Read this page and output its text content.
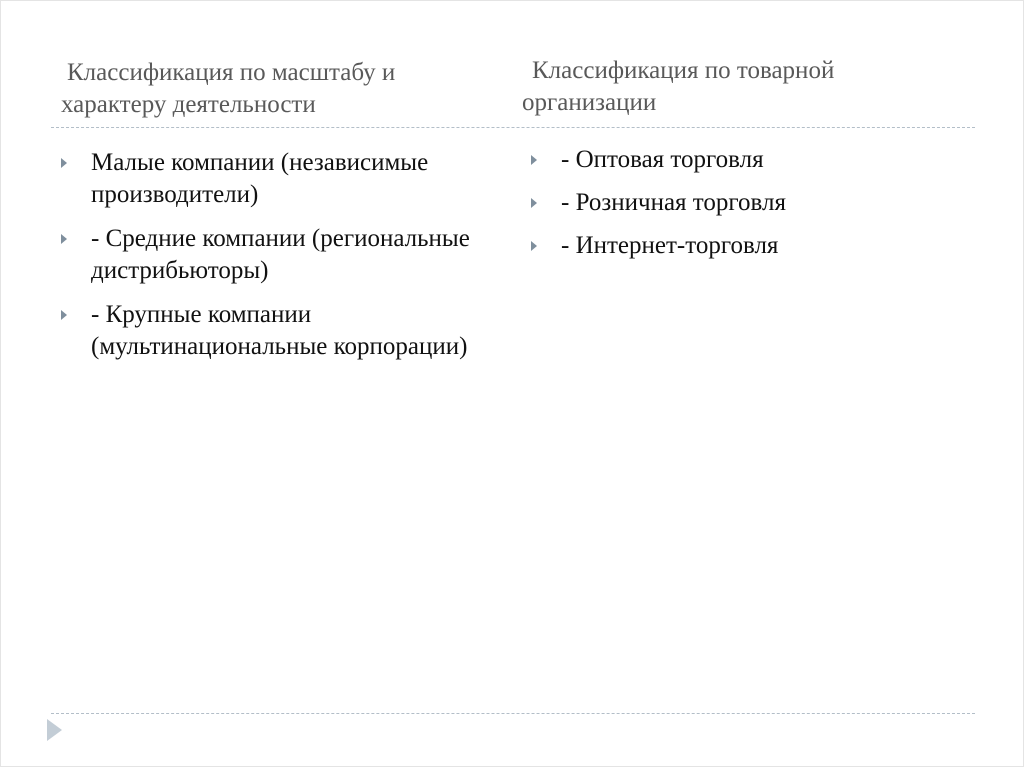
Классификация по масштабу и характеру деятельности
Классификация по товарной организации
Малые компании (независимые производители)
- Средние компании (региональные дистрибьюторы)
- Крупные компании (мультинациональные корпорации)
- Оптовая торговля
- Розничная торговля
- Интернет-торговля
